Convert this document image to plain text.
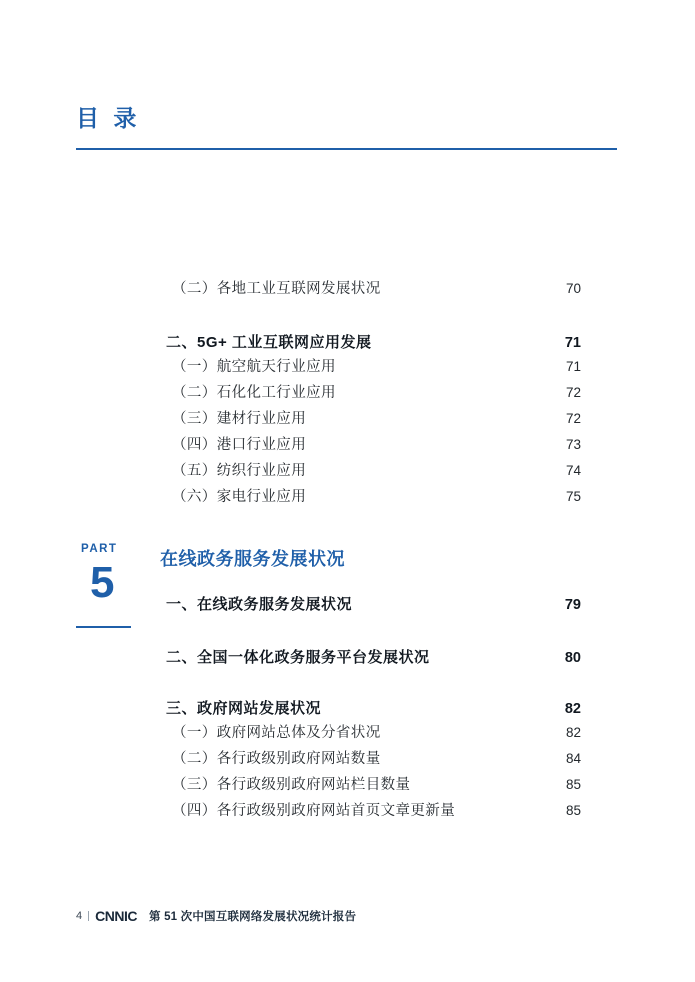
目 录
（二）各地工业互联网发展状况	70
二、5G+ 工业互联网应用发展	71
（一）航空航天行业应用	71
（二）石化化工行业应用	72
（三）建材行业应用	72
（四）港口行业应用	73
（五）纺织行业应用	74
（六）家电行业应用	75
PART
5	在线政务服务发展状况
一、在线政务服务发展状况	79
二、全国一体化政务服务平台发展状况	80
三、政府网站发展状况	82
（一）政府网站总体及分省状况	82
（二）各行政级别政府网站数量	84
（三）各行政级别政府网站栏目数量	85
（四）各行政级别政府网站首页文章更新量	85
4 CNNIC 第 51 次中国互联网络发展状况统计报告
